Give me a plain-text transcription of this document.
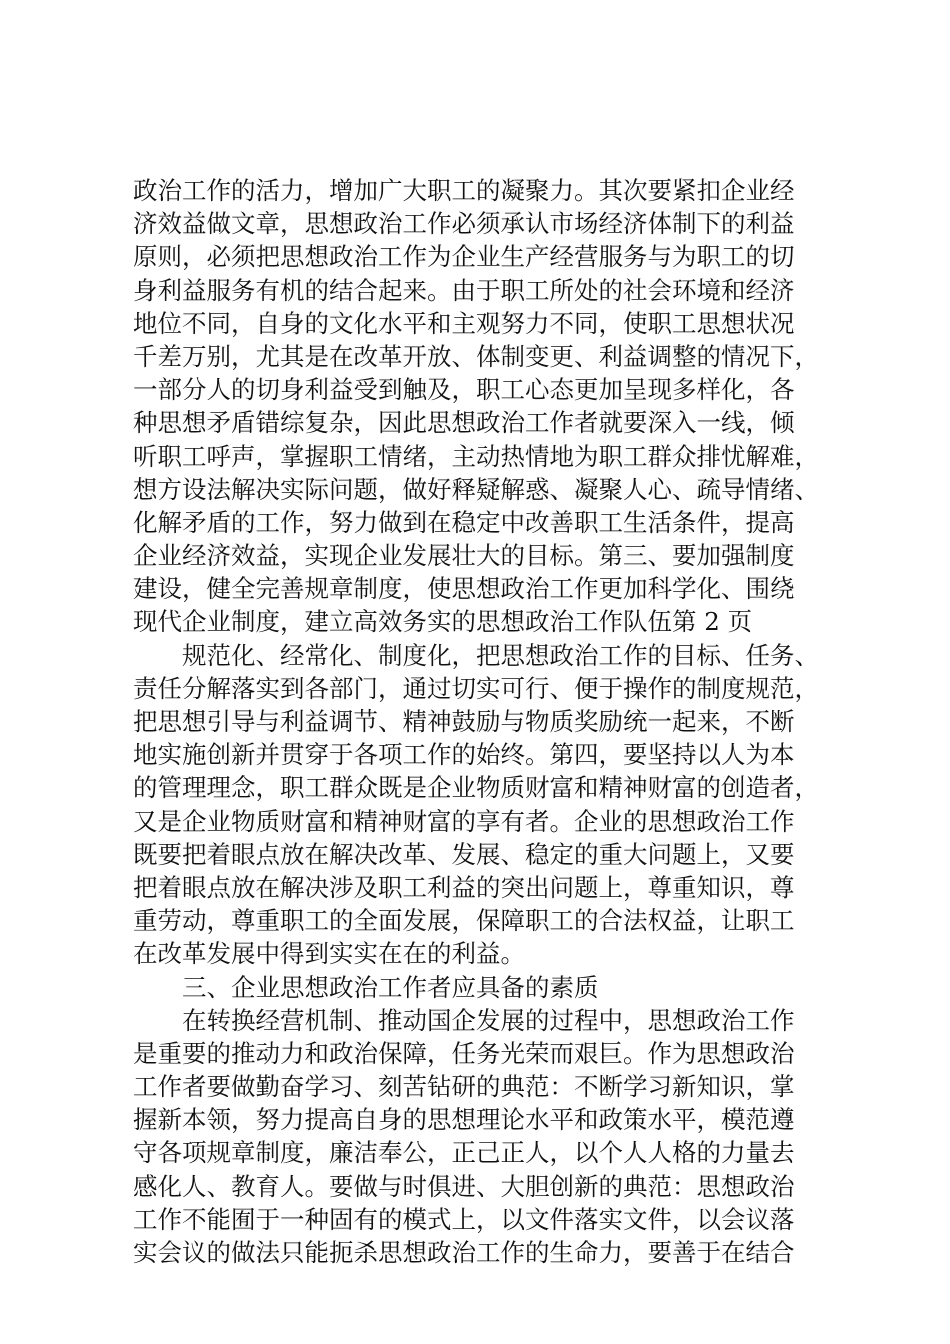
政治工作的活力，增加广大职工的凝聚力。其次要紧扣企业经
济效益做文章，思想政治工作必须承认市场经济体制下的利益
原则，必须把思想政治工作为企业生产经营服务与为职工的切
身利益服务有机的结合起来。由于职工所处的社会环境和经济
地位不同，自身的文化水平和主观努力不同，使职工思想状况
千差万别，尤其是在改革开放、体制变更、利益调整的情况下，
一部分人的切身利益受到触及，职工心态更加呈现多样化，各
种思想矛盾错综复杂，因此思想政治工作者就要深入一线，倾
听职工呼声，掌握职工情绪，主动热情地为职工群众排忧解难，
想方设法解决实际问题，做好释疑解惑、凝聚人心、疏导情绪、
化解矛盾的工作，努力做到在稳定中改善职工生活条件，提高
企业经济效益，实现企业发展壮大的目标。第三、要加强制度
建设，健全完善规章制度，使思想政治工作更加科学化、围绕
现代企业制度，建立高效务实的思想政治工作队伍第 2 页
规范化、经常化、制度化，把思想政治工作的目标、任务、
责任分解落实到各部门，通过切实可行、便于操作的制度规范，
把思想引导与利益调节、精神鼓励与物质奖励统一起来，不断
地实施创新并贯穿于各项工作的始终。第四，要坚持以人为本
的管理理念，职工群众既是企业物质财富和精神财富的创造者，
又是企业物质财富和精神财富的享有者。企业的思想政治工作
既要把着眼点放在解决改革、发展、稳定的重大问题上，又要
把着眼点放在解决涉及职工利益的突出问题上，尊重知识，尊
重劳动，尊重职工的全面发展，保障职工的合法权益，让职工
在改革发展中得到实实在在的利益。
三、企业思想政治工作者应具备的素质
在转换经营机制、推动国企发展的过程中，思想政治工作
是重要的推动力和政治保障，任务光荣而艰巨。作为思想政治
工作者要做勤奋学习、刻苦钻研的典范：不断学习新知识，掌
握新本领，努力提高自身的思想理论水平和政策水平，模范遵
守各项规章制度，廉洁奉公，正己正人，以个人人格的力量去
感化人、教育人。要做与时俱进、大胆创新的典范：思想政治
工作不能囿于一种固有的模式上，以文件落实文件，以会议落
实会议的做法只能扼杀思想政治工作的生命力，要善于在结合
